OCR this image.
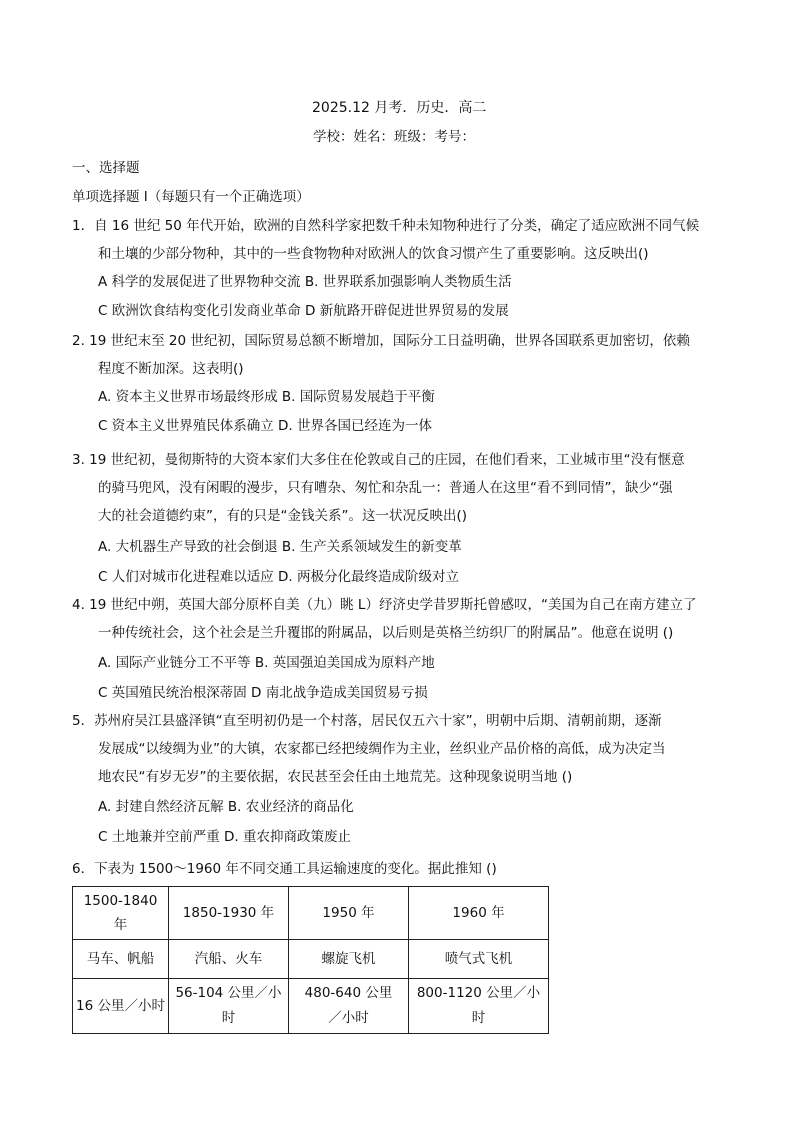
2025.12 月考．历史．高二
学校：姓名：班级：考号：
一、选择题
单项选择题 I（每题只有一个正确选项）
1．自 16 世纪 50 年代开始，欧洲的自然科学家把数千种未知物种进行了分类，确定了适应欧洲不同气候
和土壤的少部分物种，其中的一些食物物种对欧洲人的饮食习惯产生了重要影响。这反映出()
A 科学的发展促进了世界物种交流 B. 世界联系加强影响人类物质生活
C 欧洲饮食结构变化引发商业革命 D 新航路开辟促进世界贸易的发展
2. 19 世纪末至 20 世纪初，国际贸易总额不断增加，国际分工日益明确，世界各国联系更加密切，依赖
程度不断加深。这表明()
A. 资本主义世界市场最终形成 B. 国际贸易发展趋于平衡
C 资本主义世界殖民体系确立 D. 世界各国已经连为一体
3. 19 世纪初，曼彻斯特的大资本家们大多住在伦敦或自己的庄园，在他们看来，工业城市里“没有惬意
的骑马兜风，没有闲暇的漫步，只有嘈杂、匆忙和杂乱一：普通人在这里“看不到同情”，缺少“强
大的社会道德约束”，有的只是“金钱关系”。这一状况反映出()
A. 大机器生产导致的社会倒退 B. 生产关系领域发生的新变革
C 人们对城市化进程难以适应 D. 两极分化最终造成阶级对立
4. 19 世纪中朔，英国大部分原杯自美（九）眺 L）纾济史学昔罗斯托曾感叹，“美国为自己在南方建立了
一种传统社会，这个社会是兰升覆邯的附属品，以后则是英格兰纺织厂的附属品”。他意在说明 ()
A. 国际产业链分工不平等 B. 英国强迫美国成为原料产地
C 英国殖民统治根深蒂固 D 南北战争造成美国贸易亏损
5．苏州府吴江县盛泽镇“直至明初仍是一个村落，居民仅五六十家”，明朝中后期、清朝前期，逐渐
发展成“以绫绸为业”的大镇，农家都已经把绫绸作为主业，丝织业产品价格的高低，成为决定当
地农民“有岁无岁”的主要依据，农民甚至会任由土地荒芜。这种现象说明当地 ()
A. 封建自然经济瓦解 B. 农业经济的商品化
C 土地兼并空前严重 D. 重农抑商政策废止
6．下表为 1500～1960 年不同交通工具运输速度的变化。据此推知 ()
1500-1840 年	1850-1930 年	1950 年	1960 年
马车、帆船	汽船、火车	螺旋飞机	喷气式飞机
16 公里／小时	56-104 公里／小时	480-640 公里／小时	800-1120 公里／小时
